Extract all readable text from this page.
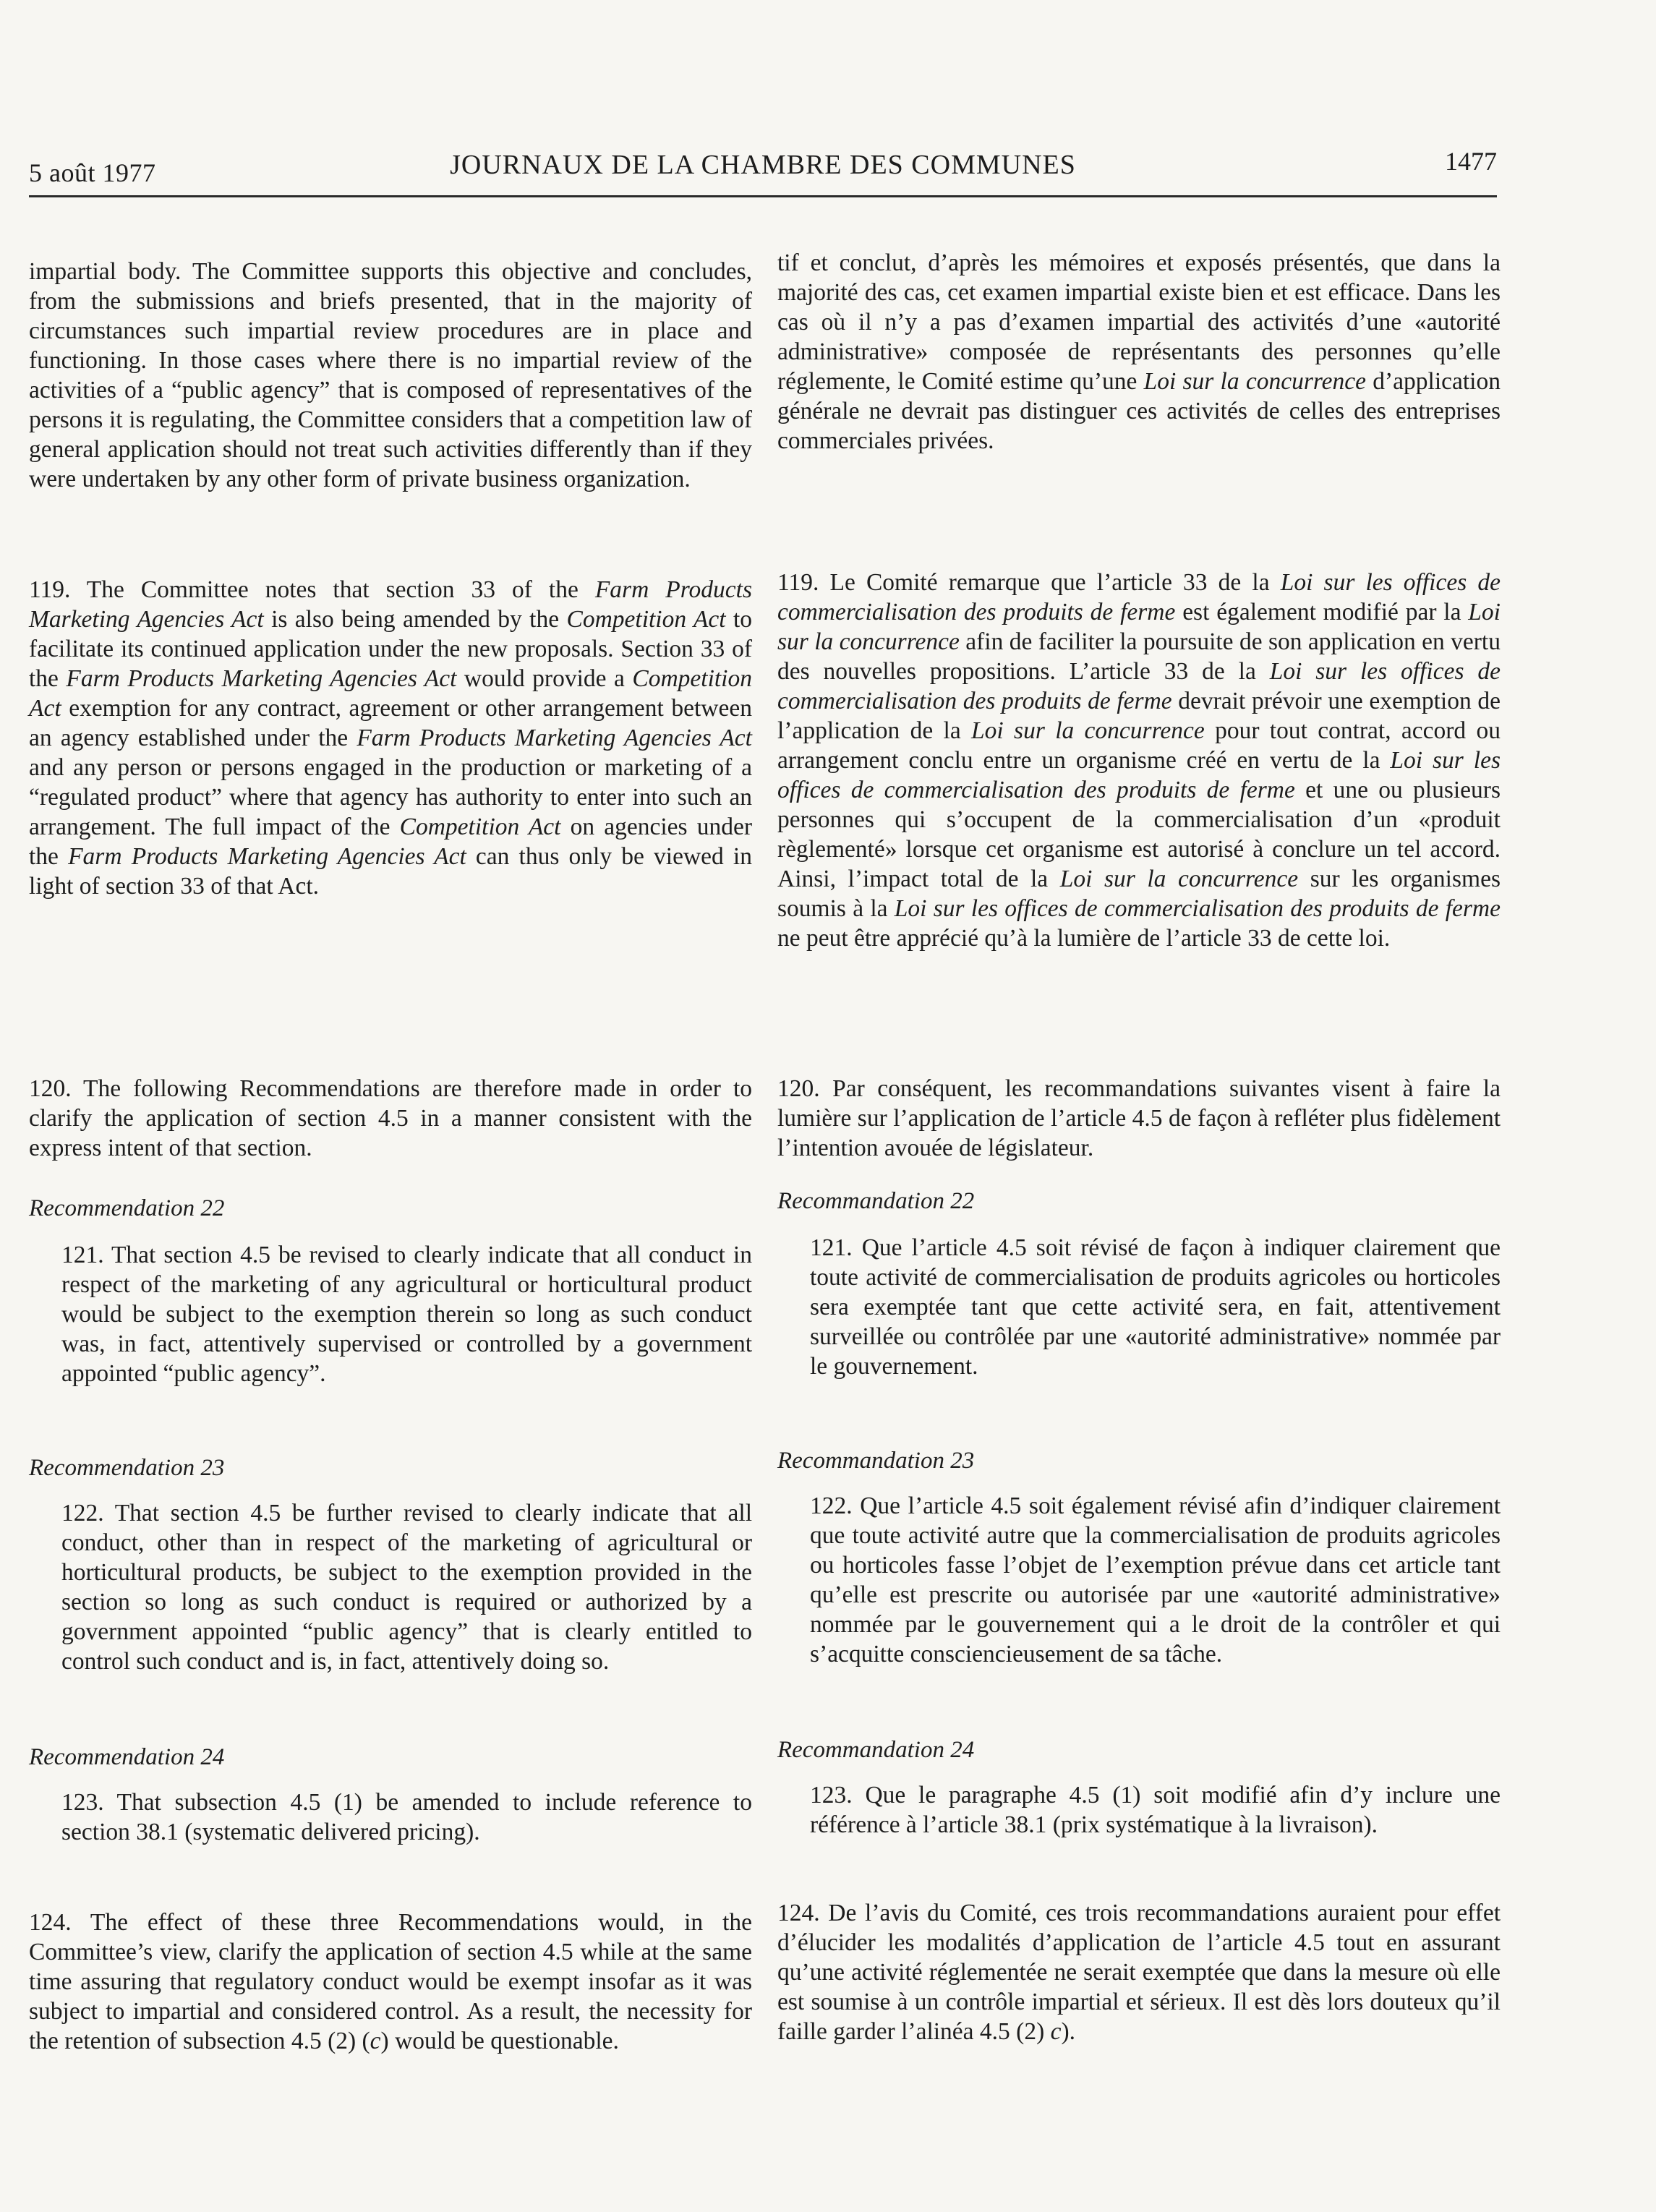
5 août 1977	JOURNAUX DE LA CHAMBRE DES COMMUNES	1477

impartial body. The Committee supports this objective and concludes, from the submissions and briefs presented, that in the majority of circumstances such impartial review procedures are in place and functioning. In those cases where there is no impartial review of the activities of a “public agency” that is composed of representatives of the persons it is regulating, the Committee considers that a competition law of general application should not treat such activities differently than if they were undertaken by any other form of private business organization.

119. The Committee notes that section 33 of the Farm Products Marketing Agencies Act is also being amended by the Competition Act to facilitate its continued application under the new proposals. Section 33 of the Farm Products Marketing Agencies Act would provide a Competition Act exemption for any contract, agreement or other arrangement between an agency established under the Farm Products Marketing Agencies Act and any person or persons engaged in the production or marketing of a “regulated product” where that agency has authority to enter into such an arrangement. The full impact of the Competition Act on agencies under the Farm Products Marketing Agencies Act can thus only be viewed in light of section 33 of that Act.

120. The following Recommendations are therefore made in order to clarify the application of section 4.5 in a manner consistent with the express intent of that section.

Recommendation 22

121. That section 4.5 be revised to clearly indicate that all conduct in respect of the marketing of any agricultural or horticultural product would be subject to the exemption therein so long as such conduct was, in fact, attentively supervised or controlled by a government appointed “public agency”.

Recommendation 23

122. That section 4.5 be further revised to clearly indicate that all conduct, other than in respect of the marketing of agricultural or horticultural products, be subject to the exemption provided in the section so long as such conduct is required or authorized by a government appointed “public agency” that is clearly entitled to control such conduct and is, in fact, attentively doing so.

Recommendation 24

123. That subsection 4.5 (1) be amended to include reference to section 38.1 (systematic delivered pricing).

124. The effect of these three Recommendations would, in the Committee’s view, clarify the application of section 4.5 while at the same time assuring that regulatory conduct would be exempt insofar as it was subject to impartial and considered control. As a result, the necessity for the retention of subsection 4.5 (2) (c) would be questionable.

tif et conclut, d’après les mémoires et exposés présentés, que dans la majorité des cas, cet examen impartial existe bien et est efficace. Dans les cas où il n’y a pas d’examen impartial des activités d’une «autorité administrative» composée de représentants des personnes qu’elle réglemente, le Comité estime qu’une Loi sur la concurrence d’application générale ne devrait pas distinguer ces activités de celles des entreprises commerciales privées.

119. Le Comité remarque que l’article 33 de la Loi sur les offices de commercialisation des produits de ferme est également modifié par la Loi sur la concurrence afin de faciliter la poursuite de son application en vertu des nouvelles propositions. L’article 33 de la Loi sur les offices de commercialisation des produits de ferme devrait prévoir une exemption de l’application de la Loi sur la concurrence pour tout contrat, accord ou arrangement conclu entre un organisme créé en vertu de la Loi sur les offices de commercialisation des produits de ferme et une ou plusieurs personnes qui s’occupent de la commercialisation d’un «produit règlementé» lorsque cet organisme est autorisé à conclure un tel accord. Ainsi, l’impact total de la Loi sur la concurrence sur les organismes soumis à la Loi sur les offices de commercialisation des produits de ferme ne peut être apprécié qu’à la lumière de l’article 33 de cette loi.

120. Par conséquent, les recommandations suivantes visent à faire la lumière sur l’application de l’article 4.5 de façon à refléter plus fidèlement l’intention avouée de législateur.

Recommandation 22

121. Que l’article 4.5 soit révisé de façon à indiquer clairement que toute activité de commercialisation de produits agricoles ou horticoles sera exemptée tant que cette activité sera, en fait, attentivement surveillée ou contrôlée par une «autorité administrative» nommée par le gouvernement.

Recommandation 23

122. Que l’article 4.5 soit également révisé afin d’indiquer clairement que toute activité autre que la commercialisation de produits agricoles ou horticoles fasse l’objet de l’exemption prévue dans cet article tant qu’elle est prescrite ou autorisée par une «autorité administrative» nommée par le gouvernement qui a le droit de la contrôler et qui s’acquitte consciencieusement de sa tâche.

Recommandation 24

123. Que le paragraphe 4.5 (1) soit modifié afin d’y inclure une référence à l’article 38.1 (prix systématique à la livraison).

124. De l’avis du Comité, ces trois recommandations auraient pour effet d’élucider les modalités d’application de l’article 4.5 tout en assurant qu’une activité réglementée ne serait exemptée que dans la mesure où elle est soumise à un contrôle impartial et sérieux. Il est dès lors douteux qu’il faille garder l’alinéa 4.5 (2) c).
